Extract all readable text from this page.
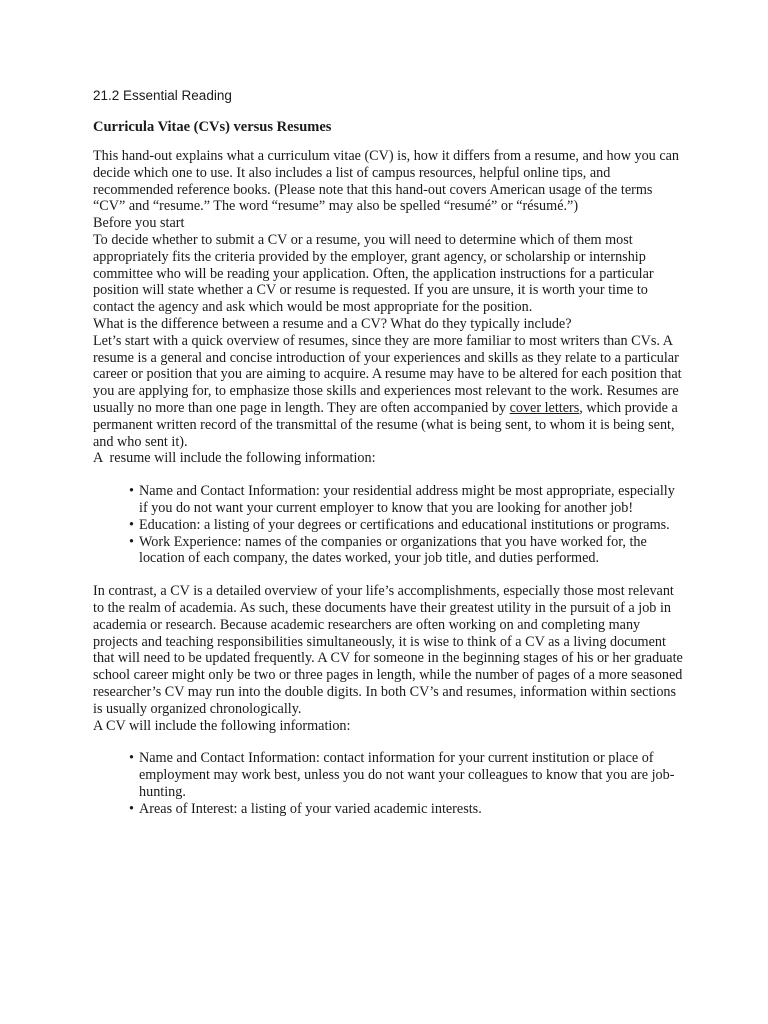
21.2 Essential Reading
Curricula Vitae (CVs) versus Resumes

This hand-out explains what a curriculum vitae (CV) is, how it differs from a resume, and how you can decide which one to use. It also includes a list of campus resources, helpful online tips, and recommended reference books. (Please note that this hand-out covers American usage of the terms “CV” and “resume.” The word “resume” may also be spelled “resumé” or “résumé.”)

Before you start

To decide whether to submit a CV or a resume, you will need to determine which of them most appropriately fits the criteria provided by the employer, grant agency, or scholarship or internship committee who will be reading your application. Often, the application instructions for a particular position will state whether a CV or resume is requested. If you are unsure, it is worth your time to contact the agency and ask which would be most appropriate for the position.

What is the difference between a resume and a CV? What do they typically include?

Let’s start with a quick overview of resumes, since they are more familiar to most writers than CVs. A resume is a general and concise introduction of your experiences and skills as they relate to a particular career or position that you are aiming to acquire. A resume may have to be altered for each position that you are applying for, to emphasize those skills and experiences most relevant to the work. Resumes are usually no more than one page in length. They are often accompanied by cover letters, which provide a permanent written record of the transmittal of the resume (what is being sent, to whom it is being sent, and who sent it).

A  resume will include the following information:

• Name and Contact Information: your residential address might be most appropriate, especially if you do not want your current employer to know that you are looking for another job!
• Education: a listing of your degrees or certifications and educational institutions or programs.
• Work Experience: names of the companies or organizations that you have worked for, the location of each company, the dates worked, your job title, and duties performed.

In contrast, a CV is a detailed overview of your life’s accomplishments, especially those most relevant to the realm of academia. As such, these documents have their greatest utility in the pursuit of a job in academia or research. Because academic researchers are often working on and completing many projects and teaching responsibilities simultaneously, it is wise to think of a CV as a living document that will need to be updated frequently. A CV for someone in the beginning stages of his or her graduate school career might only be two or three pages in length, while the number of pages of a more seasoned researcher’s CV may run into the double digits. In both CV’s and resumes, information within sections is usually organized chronologically.

A CV will include the following information:

• Name and Contact Information: contact information for your current institution or place of employment may work best, unless you do not want your colleagues to know that you are job-hunting.
• Areas of Interest: a listing of your varied academic interests.
